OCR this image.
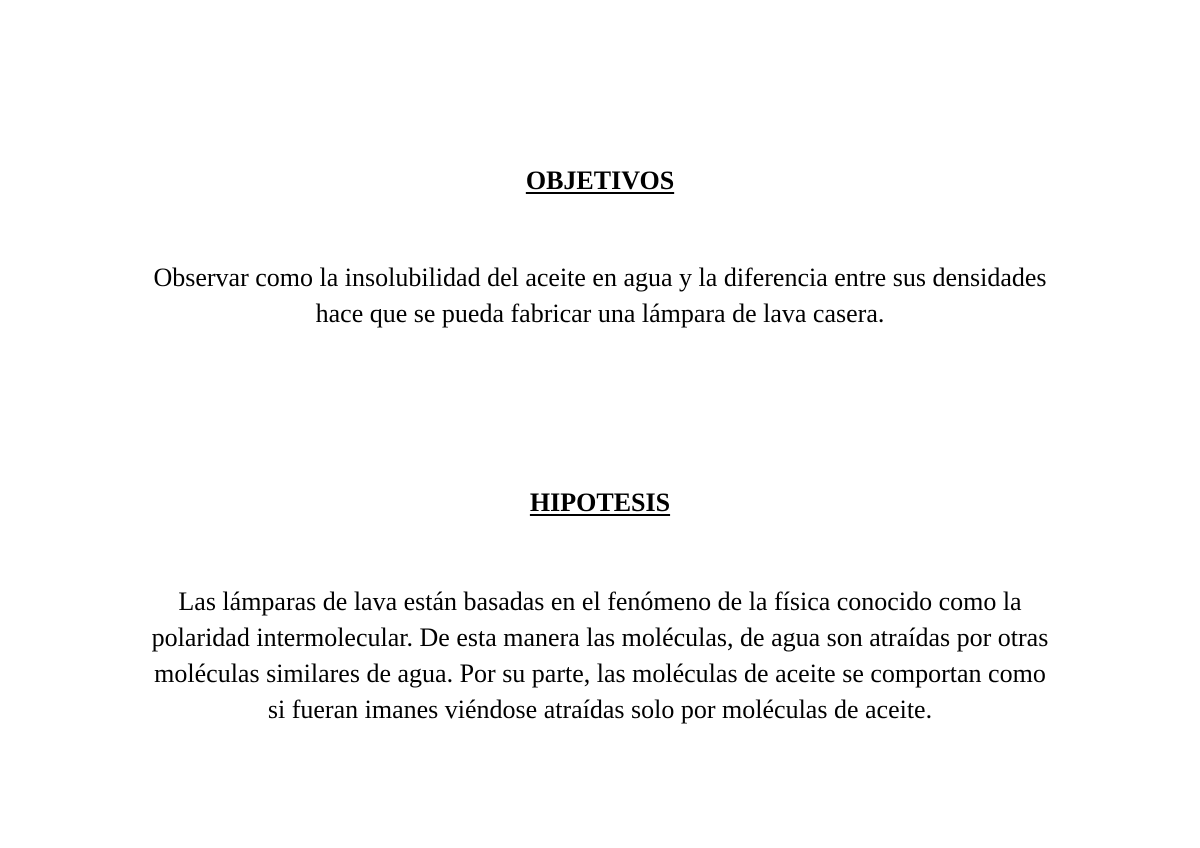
OBJETIVOS

Observar como la insolubilidad del aceite en agua y la diferencia entre sus densidades
hace que se pueda fabricar una lámpara de lava casera.

HIPOTESIS

Las lámparas de lava están basadas en el fenómeno de la física conocido como la
polaridad intermolecular. De esta manera las moléculas, de agua son atraídas por otras
moléculas similares de agua. Por su parte, las moléculas de aceite se comportan como
si fueran imanes viéndose atraídas solo por moléculas de aceite.
